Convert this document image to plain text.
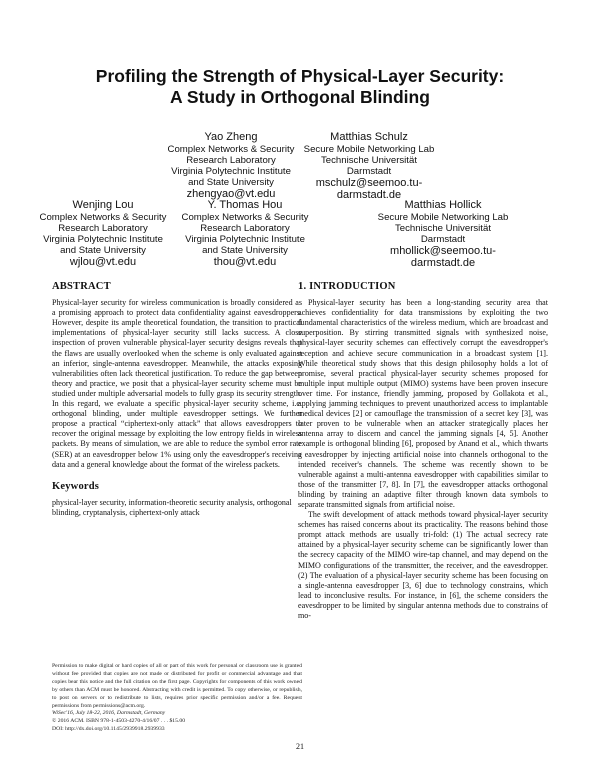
Profiling the Strength of Physical-Layer Security:
A Study in Orthogonal Blinding
Yao Zheng
Complex Networks & Security
Research Laboratory
Virginia Polytechnic Institute
and State University
zhengyao@vt.edu
Matthias Schulz
Secure Mobile Networking Lab
Technische Universität
Darmstadt
mschulz@seemoo.tu-
darmstadt.de
Wenjing Lou
Complex Networks & Security
Research Laboratory
Virginia Polytechnic Institute
and State University
wjlou@vt.edu
Y. Thomas Hou
Complex Networks & Security
Research Laboratory
Virginia Polytechnic Institute
and State University
thou@vt.edu
Matthias Hollick
Secure Mobile Networking Lab
Technische Universität
Darmstadt
mhollick@seemoo.tu-
darmstadt.de
ABSTRACT

Physical-layer security for wireless communication is broadly considered as a promising approach to protect data confidentiality against eavesdroppers. However, despite its ample theoretical foundation, the transition to practical implementations of physical-layer security still lacks success. A close inspection of proven vulnerable physical-layer security designs reveals that the flaws are usually overlooked when the scheme is only evaluated against an inferior, single-antenna eavesdropper. Meanwhile, the attacks exposing vulnerabilities often lack theoretical justification. To reduce the gap between theory and practice, we posit that a physical-layer security scheme must be studied under multiple adversarial models to fully grasp its security strength. In this regard, we evaluate a specific physical-layer security scheme, i.e. orthogonal blinding, under multiple eavesdropper settings. We further propose a practical “ciphertext-only attack” that allows eavesdroppers to recover the original message by exploiting the low entropy fields in wireless packets. By means of simulation, we are able to reduce the symbol error rate (SER) at an eavesdropper below 1% using only the eavesdropper's receiving data and a general knowledge about the format of the wireless packets.

Keywords

physical-layer security, information-theoretic security analysis, orthogonal blinding, cryptanalysis, ciphertext-only attack

Permission to make digital or hard copies of all or part of this work for personal or classroom use is granted without fee provided that copies are not made or distributed for profit or commercial advantage and that copies bear this notice and the full citation on the first page. Copyrights for components of this work owned by others than ACM must be honored. Abstracting with credit is permitted. To copy otherwise, or republish, to post on servers or to redistribute to lists, requires prior specific permission and/or a fee. Request permissions from permissions@acm.org.

WiSec'16, July 18-22, 2016, Darmstadt, Germany

© 2016 ACM. ISBN 978-1-4503-4270-4/16/07 . . . $15.00

DOI: http://dx.doi.org/10.1145/2939918.2939933

1. INTRODUCTION

Physical-layer security has been a long-standing security area that achieves confidentiality for data transmissions by exploiting the two fundamental characteristics of the wireless medium, which are broadcast and superposition. By stirring transmitted signals with synthesized noise, physical-layer security schemes can effectively corrupt the eavesdropper's reception and achieve secure communication in a broadcast system [1]. While theoretical study shows that this design philosophy holds a lot of promise, several practical physical-layer security schemes proposed for multiple input multiple output (MIMO) systems have been proven insecure over time. For instance, friendly jamming, proposed by Gollakota et al., applying jamming techniques to prevent unauthorized access to implantable medical devices [2] or camouflage the transmission of a secret key [3], was later proven to be vulnerable when an attacker strategically places her antenna array to discern and cancel the jamming signals [4, 5]. Another example is orthogonal blinding [6], proposed by Anand et al., which thwarts a eavesdropper by injecting artificial noise into channels orthogonal to the intended receiver's channels. The scheme was recently shown to be vulnerable against a multi-antenna eavesdropper with capabilities similar to those of the transmitter [7, 8]. In [7], the eavesdropper attacks orthogonal blinding by training an adaptive filter through known data symbols to separate transmitted signals from artificial noise.

The swift development of attack methods toward physical-layer security schemes has raised concerns about its practicality. The reasons behind those prompt attack methods are usually tri-fold: (1) The actual secrecy rate attained by a physical-layer security scheme can be significantly lower than the secrecy capacity of the MIMO wire-tap channel, and may depend on the MIMO configurations of the transmitter, the receiver, and the eavesdropper. (2) The evaluation of a physical-layer security scheme has been focusing on a single-antenna eavesdropper [3, 6] due to technology constrains, which lead to inconclusive results. For instance, in [6], the scheme considers the eavesdropper to be limited by singular antenna methods due to constrains of mo-

21
